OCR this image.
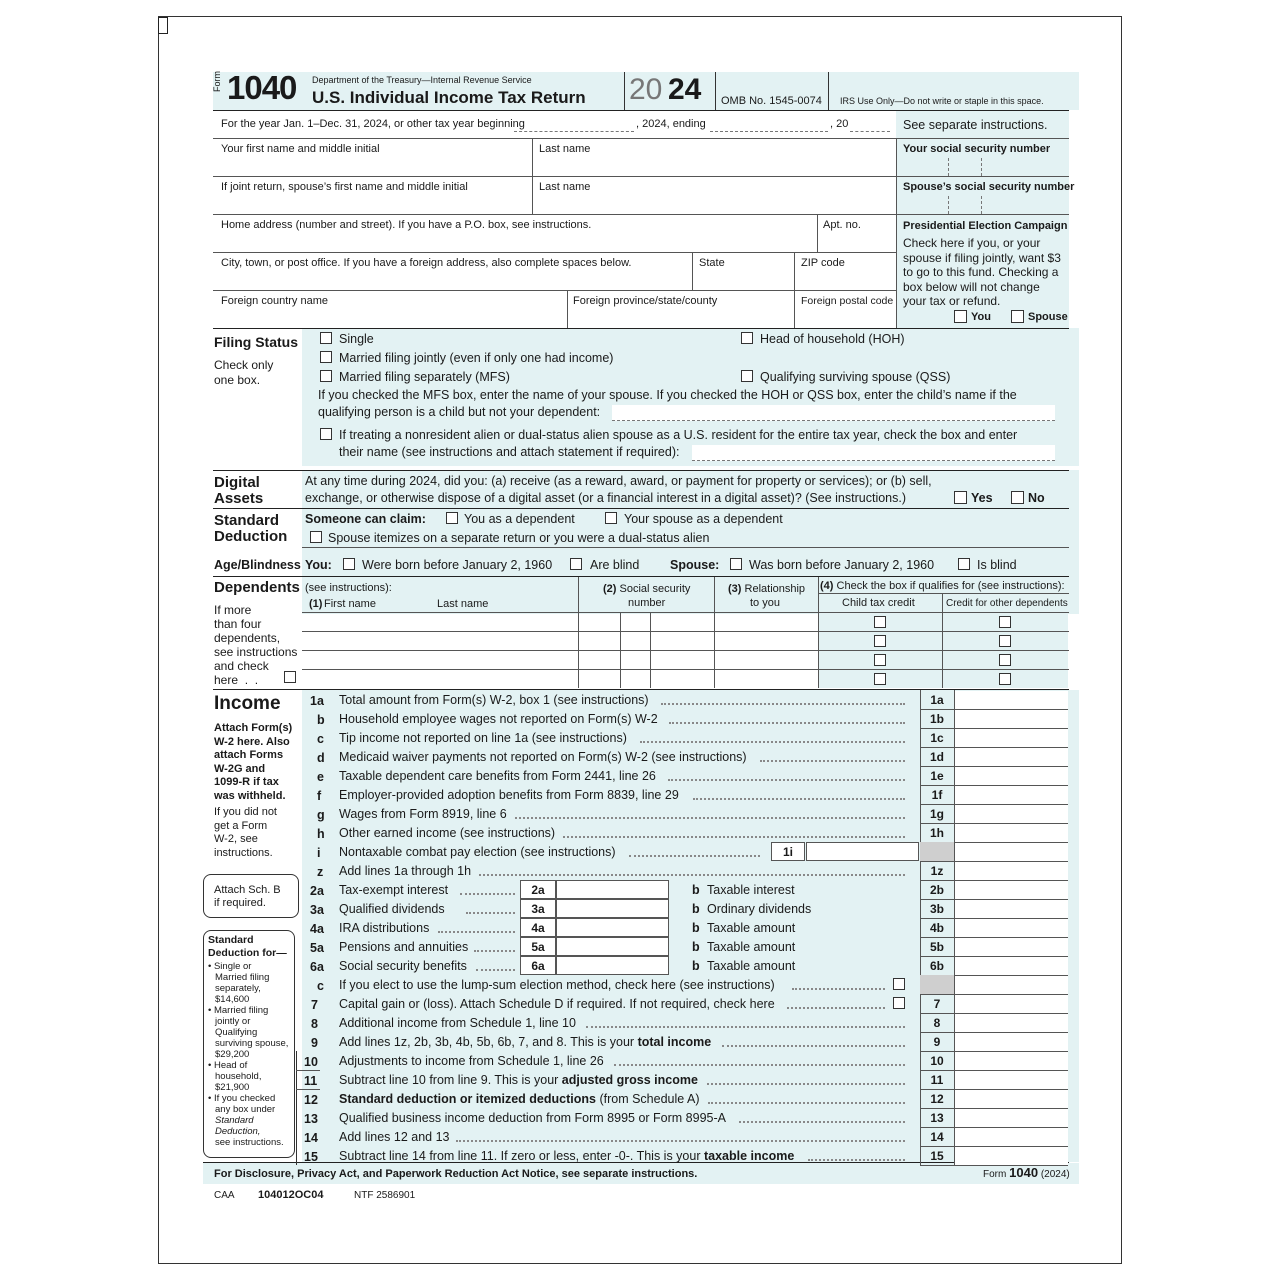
Form 1040 Department of the Treasury—Internal Revenue Service
U.S. Individual Income Tax Return 20 24 OMB No. 1545-0074 IRS Use Only—Do not write or staple in this space.
For the year Jan. 1–Dec. 31, 2024, or other tax year beginning	, 2024, ending	, 20	See separate instructions.
Your first name and middle initial	Last name	Your social security number
If joint return, spouse’s first name and middle initial	Last name	Spouse’s social security number
Home address (number and street). If you have a P.O. box, see instructions.	Apt. no.
City, town, or post office. If you have a foreign address, also complete spaces below.	State	ZIP code
Foreign country name	Foreign province/state/county	Foreign postal code
Presidential Election Campaign
Check here if you, or your
spouse if filing jointly, want $3
to go to this fund. Checking a
box below will not change
your tax or refund.
You	Spouse
Filing Status
Check only
one box.
Single
Married filing jointly (even if only one had income)
Married filing separately (MFS)
Head of household (HOH)
Qualifying surviving spouse (QSS)
If you checked the MFS box, enter the name of your spouse. If you checked the HOH or QSS box, enter the child’s name if the
qualifying person is a child but not your dependent:
If treating a nonresident alien or dual-status alien spouse as a U.S. resident for the entire tax year, check the box and enter
their name (see instructions and attach statement if required):
Digital
Assets
At any time during 2024, did you: (a) receive (as a reward, award, or payment for property or services); or (b) sell,
exchange, or otherwise dispose of a digital asset (or a financial interest in a digital asset)? (See instructions.)	Yes	No
Standard
Deduction
Someone can claim:	You as a dependent	Your spouse as a dependent
Spouse itemizes on a separate return or you were a dual-status alien
Age/Blindness You: Were born before January 2, 1960	Are blind Spouse: Was born before January 2, 1960	Is blind
Dependents (see instructions):
(1) First name	Last name
(2) Social security
number
(3) Relationship
to you
(4) Check the box if qualifies for (see instructions):
Child tax credit	Credit for other dependents
If more
than four
dependents,
see instructions
and check
here  .  .
Income
Attach Form(s)
W-2 here. Also
attach Forms
W-2G and
1099-R if tax
was withheld.
If you did not
get a Form
W-2, see
instructions.
Attach Sch. B
if required.
Standard
Deduction for—
• Single or
Married filing
separately,
$14,600
• Married filing
jointly or
Qualifying
surviving spouse,
$29,200
• Head of
household,
$21,900
• If you checked
any box under
Standard
Deduction,
see instructions.
For Disclosure, Privacy Act, and Paperwork Reduction Act Notice, see separate instructions.	Form 1040 (2024)
CAA 104012OC04	NTF 2586901
1a Total amount from Form(s) W-2, box 1 (see instructions)	1a
b Household employee wages not reported on Form(s) W-2	1b
c Tip income not reported on line 1a (see instructions)	1c
d Medicaid waiver payments not reported on Form(s) W-2 (see instructions)	1d
e Taxable dependent care benefits from Form 2441, line 26	1e
f Employer-provided adoption benefits from Form 8839, line 29	1f
g Wages from Form 8919, line 6	1g
h Other earned income (see instructions)	1h
i Nontaxable combat pay election (see instructions)	1i
z Add lines 1a through 1h	1z
2a Tax-exempt interest	2a	b Taxable interest	2b
3a Qualified dividends	3a	b Ordinary dividends	3b
4a IRA distributions	4a	b Taxable amount	4b
5a Pensions and annuities	5a	b Taxable amount	5b
6a Social security benefits	6a	b Taxable amount	6b
c If you elect to use the lump-sum election method, check here (see instructions)
7 Capital gain or (loss). Attach Schedule D if required. If not required, check here	7
8 Additional income from Schedule 1, line 10	8
9 Add lines 1z, 2b, 3b, 4b, 5b, 6b, 7, and 8. This is your total income	9
10 Adjustments to income from Schedule 1, line 26	10
11 Subtract line 10 from line 9. This is your adjusted gross income	11
12 Standard deduction or itemized deductions (from Schedule A)	12
13 Qualified business income deduction from Form 8995 or Form 8995-A	13
14 Add lines 12 and 13	14
15 Subtract line 14 from line 11. If zero or less, enter -0-. This is your taxable income	15
